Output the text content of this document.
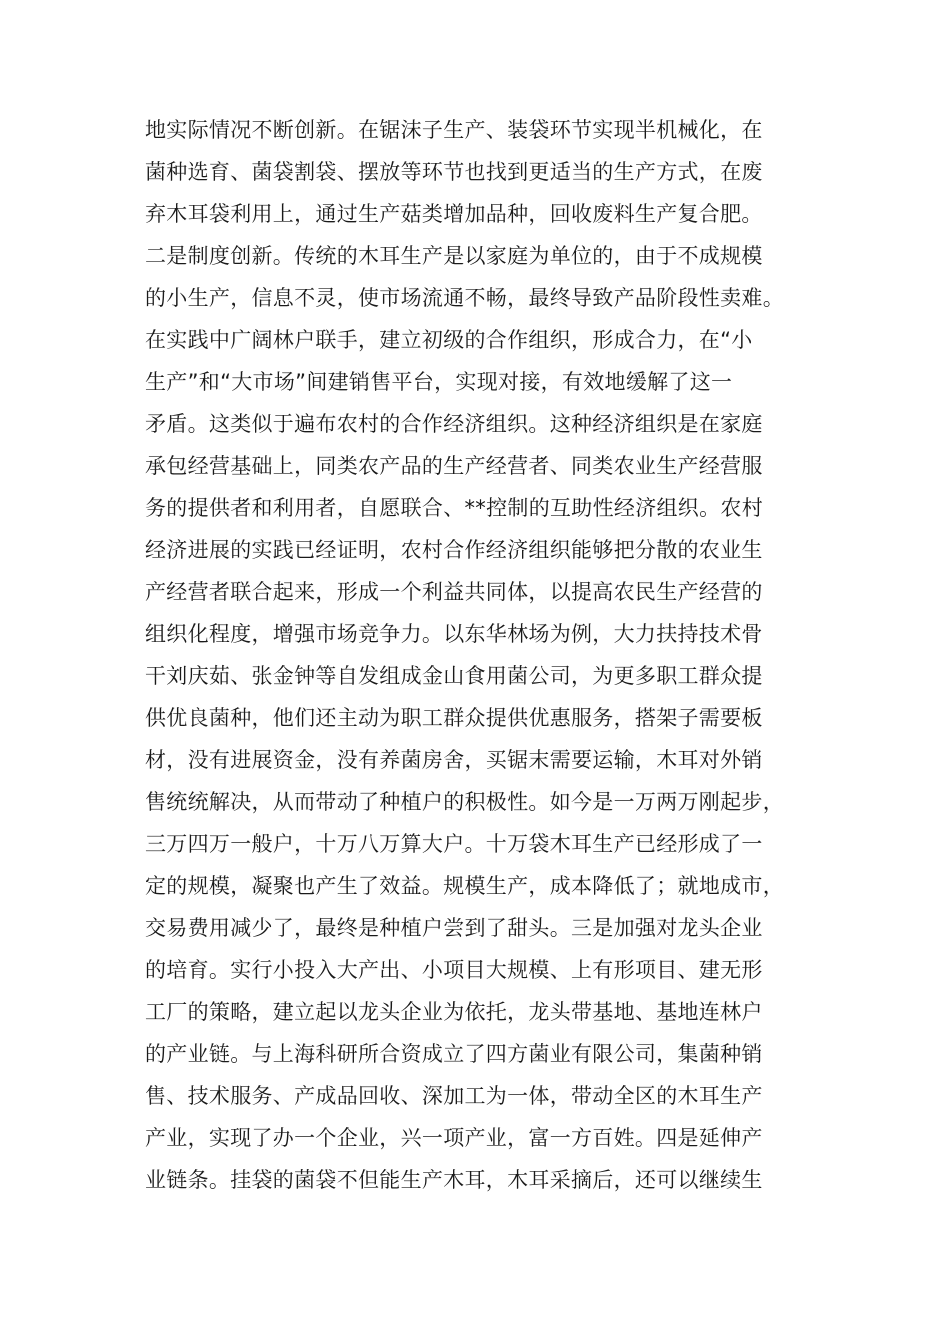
地实际情况不断创新。在锯沫子生产、装袋环节实现半机械化，在
菌种选育、菌袋割袋、摆放等环节也找到更适当的生产方式，在废
弃木耳袋利用上，通过生产菇类增加品种，回收废料生产复合肥。
二是制度创新。传统的木耳生产是以家庭为单位的，由于不成规模
的小生产，信息不灵，使市场流通不畅，最终导致产品阶段性卖难。
在实践中广阔林户联手，建立初级的合作组织，形成合力，在“小
生产”和“大市场”间建销售平台，实现对接，有效地缓解了这一
矛盾。这类似于遍布农村的合作经济组织。这种经济组织是在家庭
承包经营基础上，同类农产品的生产经营者、同类农业生产经营服
务的提供者和利用者，自愿联合、**控制的互助性经济组织。农村
经济进展的实践已经证明，农村合作经济组织能够把分散的农业生
产经营者联合起来，形成一个利益共同体，以提高农民生产经营的
组织化程度，增强市场竞争力。以东华林场为例，大力扶持技术骨
干刘庆茹、张金钟等自发组成金山食用菌公司，为更多职工群众提
供优良菌种，他们还主动为职工群众提供优惠服务，搭架子需要板
材，没有进展资金，没有养菌房舍，买锯末需要运输，木耳对外销
售统统解决，从而带动了种植户的积极性。如今是一万两万刚起步，
三万四万一般户，十万八万算大户。十万袋木耳生产已经形成了一
定的规模，凝聚也产生了效益。规模生产，成本降低了；就地成市，
交易费用减少了，最终是种植户尝到了甜头。三是加强对龙头企业
的培育。实行小投入大产出、小项目大规模、上有形项目、建无形
工厂的策略，建立起以龙头企业为依托，龙头带基地、基地连林户
的产业链。与上海科研所合资成立了四方菌业有限公司，集菌种销
售、技术服务、产成品回收、深加工为一体，带动全区的木耳生产
产业，实现了办一个企业，兴一项产业，富一方百姓。四是延伸产
业链条。挂袋的菌袋不但能生产木耳，木耳采摘后，还可以继续生
